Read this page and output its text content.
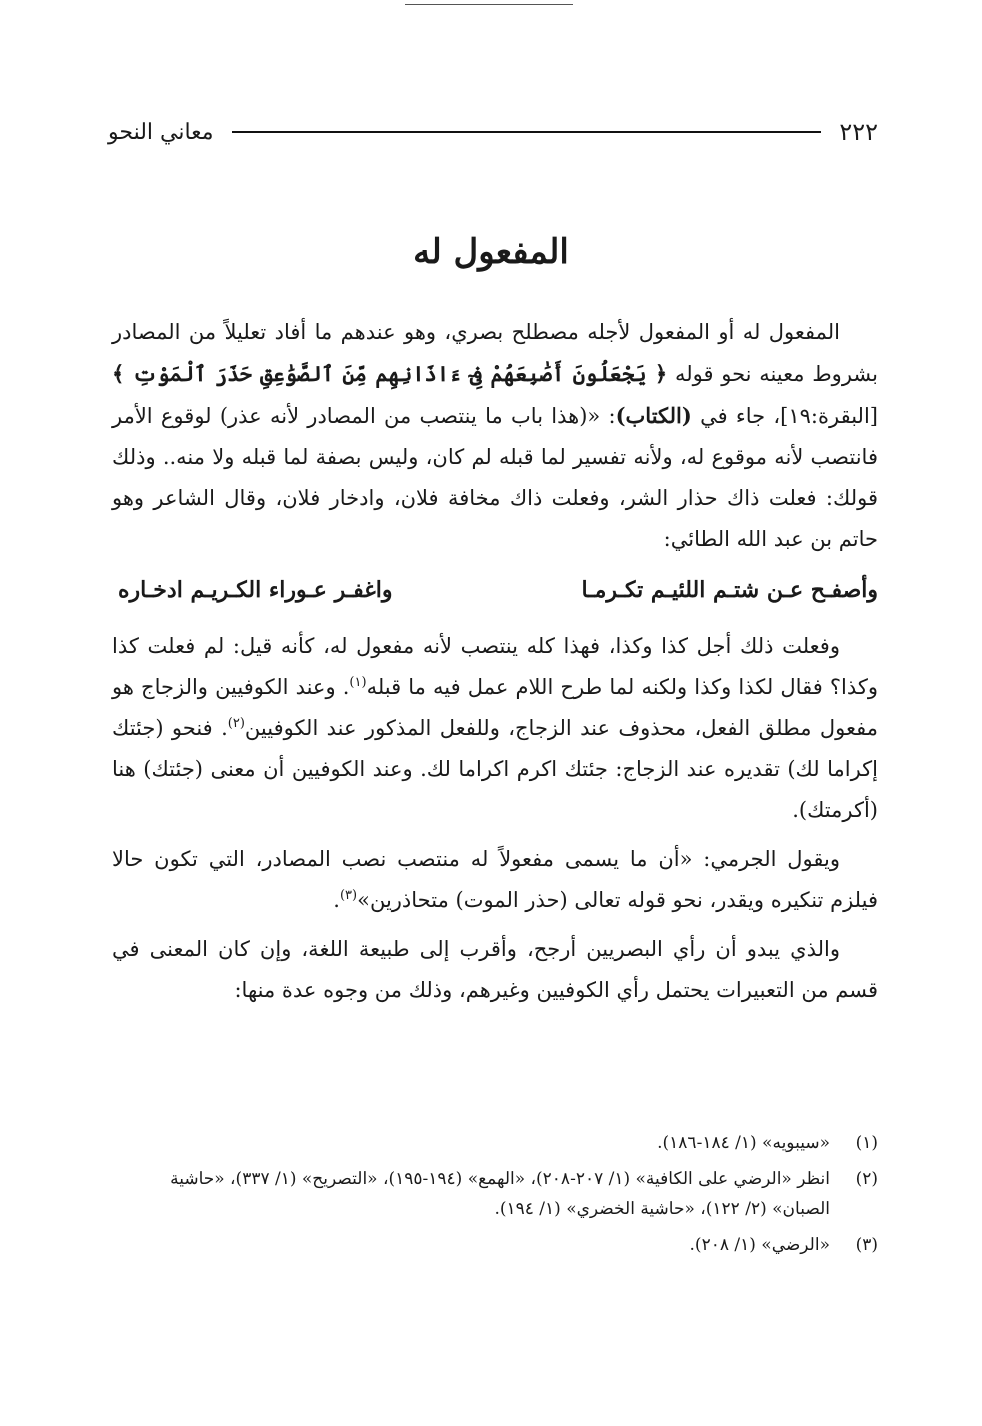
٢٢٢
معاني النحو
المفعول له

المفعول له أو المفعول لأجله مصطلح بصري، وهو عندهم ما أفاد تعليلاً من المصادر بشروط معينه نحو قوله ﴿ يَجْعَلُونَ أَصَٰبِعَهُمْ فِىٓ ءَاذَانِهِم مِّنَ ٱلصَّوَٰعِقِ حَذَرَ ٱلْمَوْتِ ﴾ [البقرة:١٩]، جاء في (الكتاب): «(هذا باب ما ينتصب من المصادر لأنه عذر) لوقوع الأمر فانتصب لأنه موقوع له، ولأنه تفسير لما قبله لم كان، وليس بصفة لما قبله ولا منه.. وذلك قولك: فعلت ذاك حذار الشر، وفعلت ذاك مخافة فلان، وادخار فلان، وقال الشاعر وهو حاتم بن عبد الله الطائي:

وأصفـح عـن شتـم اللئيـم تكـرمـا
واغفـر عـوراء الكـريـم ادخـاره

وفعلت ذلك أجل كذا وكذا، فهذا كله ينتصب لأنه مفعول له، كأنه قيل: لم فعلت كذا وكذا؟ فقال لكذا وكذا ولكنه لما طرح اللام عمل فيه ما قبله$^{(١)}$. وعند الكوفيين والزجاج هو مفعول مطلق الفعل، محذوف عند الزجاج، وللفعل المذكور عند الكوفيين$^{(٢)}$. فنحو (جئتك إكراما لك) تقديره عند الزجاج: جئتك اكرم اكراما لك. وعند الكوفيين أن معنى (جئتك) هنا (أكرمتك).

ويقول الجرمي: «أن ما يسمى مفعولاً له منتصب نصب المصادر، التي تكون حالا فيلزم تنكيره ويقدر، نحو قوله تعالى (حذر الموت) متحاذرين»$^{(٣)}$.

والذي يبدو أن رأي البصريين أرجح، وأقرب إلى طبيعة اللغة، وإن كان المعنى في قسم من التعبيرات يحتمل رأي الكوفيين وغيرهم، وذلك من وجوه عدة منها:

(١)
«سيبويه» (١/ ١٨٤-١٨٦).
(٢)
انظر «الرضي على الكافية» (١/ ٢٠٧-٢٠٨)، «الهمع» (١٩٤-١٩٥)، «التصريح» (١/ ٣٣٧)، «حاشية الصبان» (٢/ ١٢٢)، «حاشية الخضري» (١/ ١٩٤).
(٣)
«الرضي» (١/ ٢٠٨).
